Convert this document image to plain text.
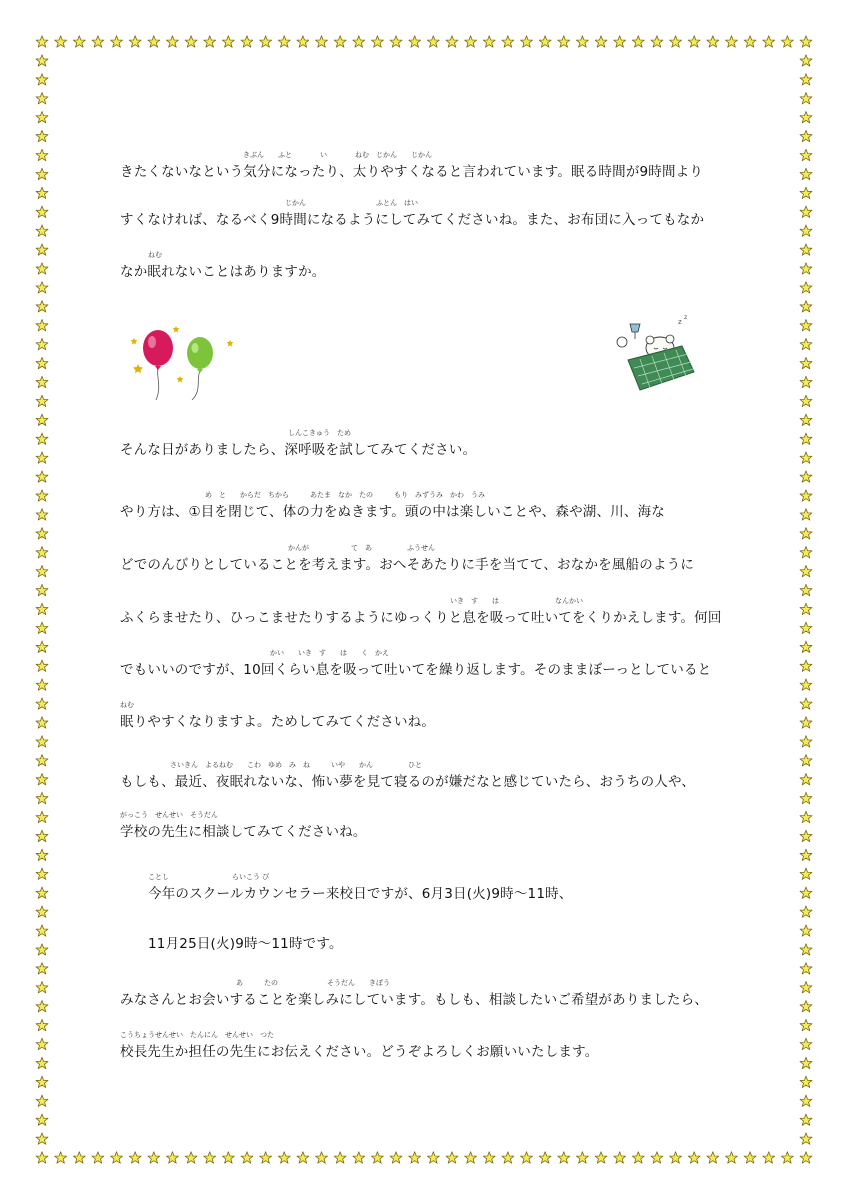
きたくないなという気分になったり、太りやすくなると言われています。眠る時間が9時間より
すくなければ、なるべく9時間になるようにしてみてくださいね。また、お布団に入ってもなか
なか眠れないことはありますか。
そんな日がありましたら、深呼吸を試してみてください。
やり方は、①目を閉じて、体の力をぬきます。頭の中は楽しいことや、森や湖、川、海な
どでのんびりとしていることを考えます。おへそあたりに手を当てて、おなかを風船のように
ふくらませたり、ひっこませたりするようにゆっくりと息を吸って吐いてをくりかえします。何回
でもいいのですが、10回くらい息を吸って吐いてを繰り返します。そのままぼーっとしていると
眠りやすくなりますよ。ためしてみてくださいね。
もしも、最近、夜眠れないな、怖い夢を見て寝るのが嫌だなと感じていたら、おうちの人や、
学校の先生に相談してみてくださいね。
今年のスクールカウンセラー来校日ですが、6月3日(火)9時～11時、
11月25日(火)9時～11時です。
みなさんとお会いすることを楽しみにしています。もしも、相談したいご希望がありましたら、
校長先生か担任の先生にお伝えください。どうぞよろしくお願いいたします。
きぶん　　ふと　　　　い　　　　ねむ　じかん　　じかん
じかん　　　　　　　　　　ふとん　はい
ねむ
しんこきゅう　ため
め　と　　からだ　ちから　　　あたま　なか　たの　　　もり　みずうみ　かわ　うみ
かんが　　　　　　て　あ　　　　　ふうせん
いき　す　　は　　　　　　　　なんかい
かい　　いき　す　　は　　く　かえ
ねむ
さいきん　よるねむ　　こわ　ゆめ　み　ね　　　いや　　かん　　　　　ひと
がっこう　せんせい　そうだん
ことし　　　　　　　　　らいこう び
あ　　　たの　　　　　　　そうだん　　きぼう
こうちょうせんせい　たんにん　せんせい　つた
z
z
